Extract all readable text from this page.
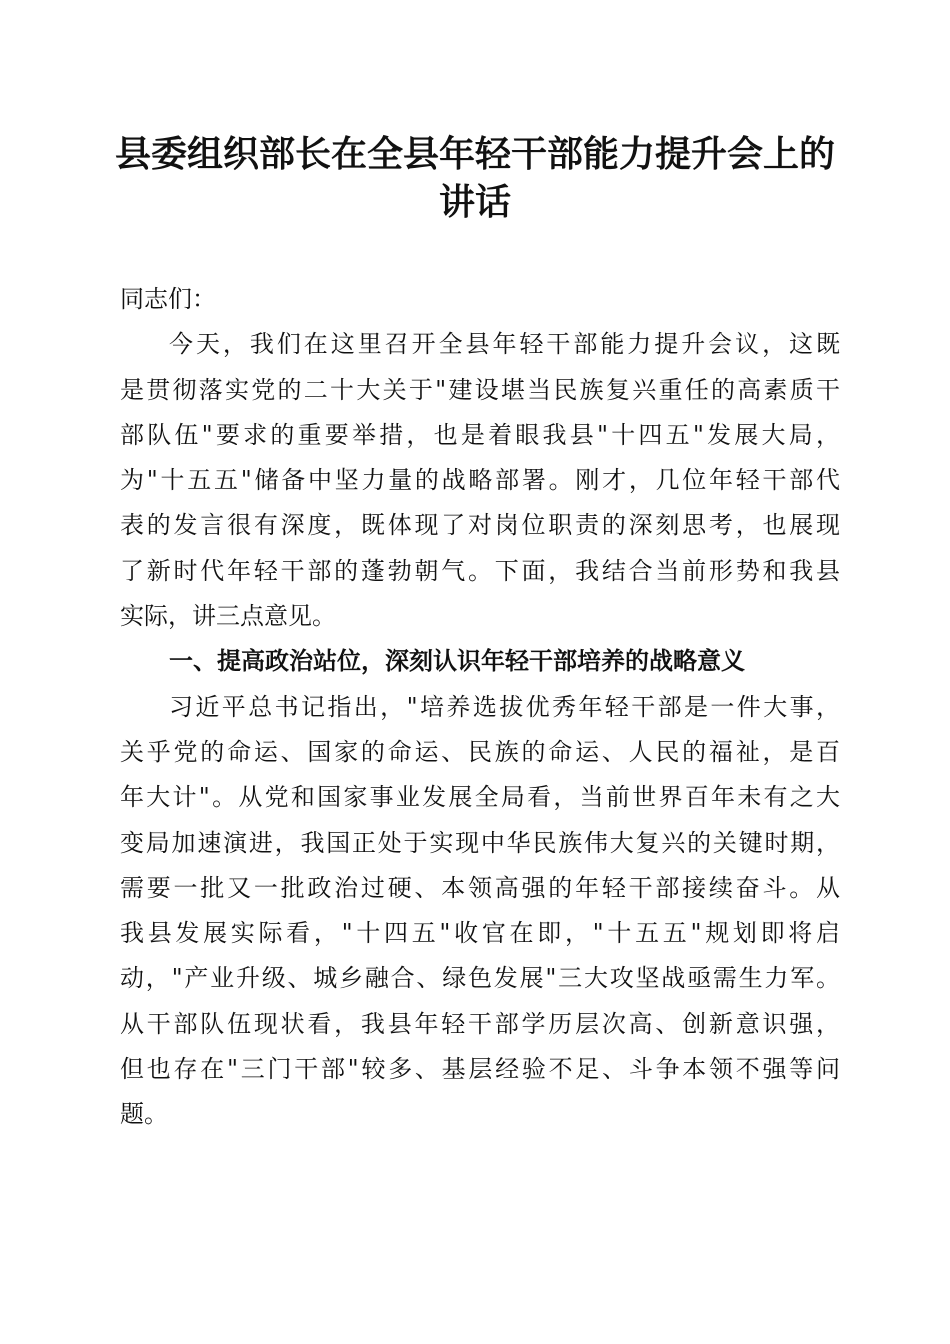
县委组织部长在全县年轻干部能力提升会上的
讲话
同志们：
今天，我们在这里召开全县年轻干部能力提升会议，这既
是贯彻落实党的二十大关于"建设堪当民族复兴重任的高素质干
部队伍"要求的重要举措，也是着眼我县"十四五"发展大局，
为"十五五"储备中坚力量的战略部署。刚才，几位年轻干部代
表的发言很有深度，既体现了对岗位职责的深刻思考，也展现
了新时代年轻干部的蓬勃朝气。下面，我结合当前形势和我县
实际，讲三点意见。
一、提高政治站位，深刻认识年轻干部培养的战略意义
习近平总书记指出，"培养选拔优秀年轻干部是一件大事，
关乎党的命运、国家的命运、民族的命运、人民的福祉，是百
年大计"。从党和国家事业发展全局看，当前世界百年未有之大
变局加速演进，我国正处于实现中华民族伟大复兴的关键时期，
需要一批又一批政治过硬、本领高强的年轻干部接续奋斗。从
我县发展实际看，"十四五"收官在即，"十五五"规划即将启
动，"产业升级、城乡融合、绿色发展"三大攻坚战亟需生力军。
从干部队伍现状看，我县年轻干部学历层次高、创新意识强，
但也存在"三门干部"较多、基层经验不足、斗争本领不强等问
题。
